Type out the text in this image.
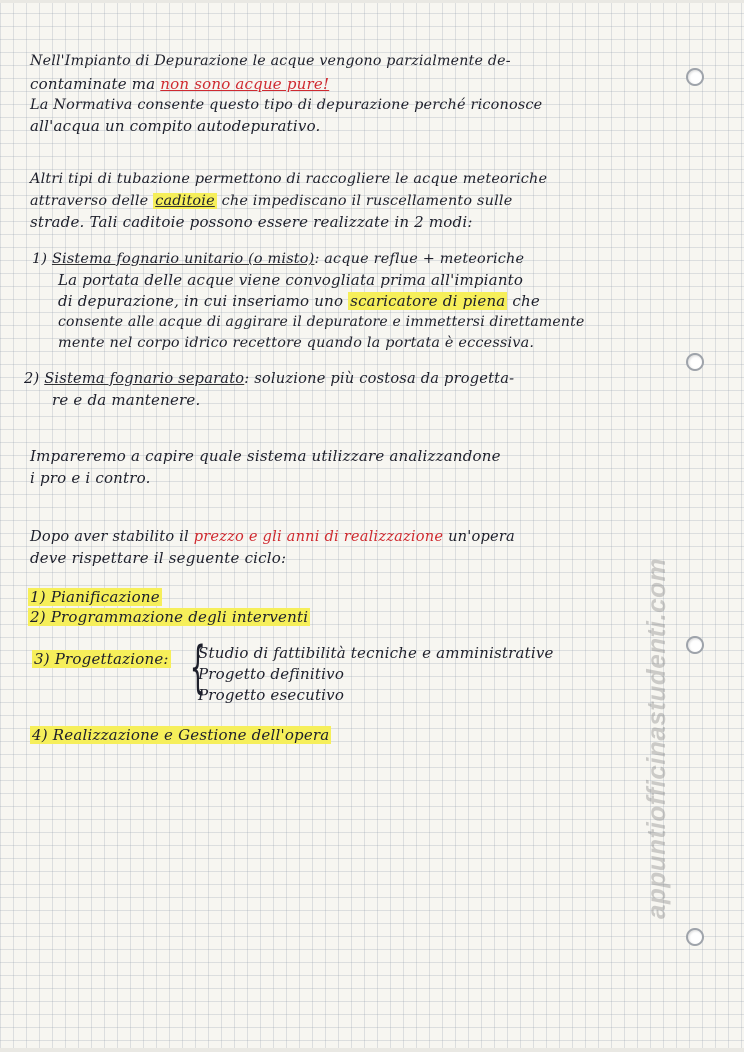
Nell'Impianto di Depurazione le acque vengono parzialmente de-
contaminate ma non sono acque pure!
La Normativa consente questo tipo di depurazione perché riconosce
all'acqua un compito autodepurativo.
Altri tipi di tubazione permettono di raccogliere le acque meteoriche
attraverso delle caditoie che impediscano il ruscellamento sulle
strade. Tali caditoie possono essere realizzate in 2 modi:
1) Sistema fognario unitario (o misto): acque reflue + meteoriche
La portata delle acque viene convogliata prima all'impianto
di depurazione, in cui inseriamo uno scaricatore di piena che
consente alle acque di aggirare il depuratore e immettersi direttamente
mente nel corpo idrico recettore quando la portata è eccessiva.
2) Sistema fognario separato: soluzione più costosa da progetta-
re e da mantenere.
Impareremo a capire quale sistema utilizzare analizzandone
i pro e i contro.
Dopo aver stabilito il prezzo e gli anni di realizzazione un'opera
deve rispettare il seguente ciclo:
1) Pianificazione
2) Programmazione degli interventi
3) Progettazione: {
Studio di fattibilità tecniche e amministrative
Progetto definitivo
Progetto esecutivo
4) Realizzazione e Gestione dell'opera	appuntiofficinastudenti.com
